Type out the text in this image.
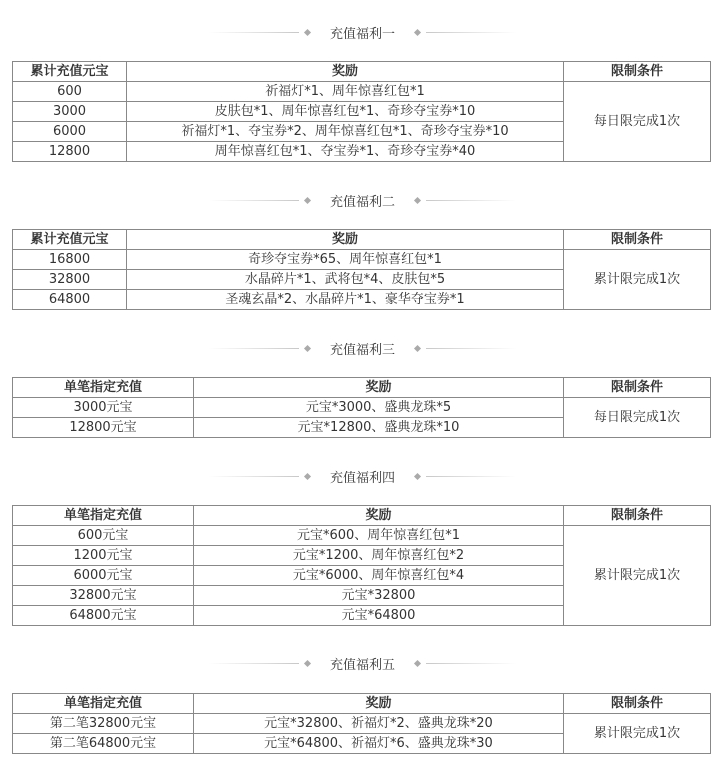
充值福利一
累计充值元宝	奖励	限制条件
600	祈福灯*1、周年惊喜红包*1	每日限完成1次
3000	皮肤包*1、周年惊喜红包*1、奇珍夺宝券*10	
6000	祈福灯*1、夺宝券*2、周年惊喜红包*1、奇珍夺宝券*10	
12800	周年惊喜红包*1、夺宝券*1、奇珍夺宝券*40	
充值福利二
累计充值元宝	奖励	限制条件
16800	奇珍夺宝券*65、周年惊喜红包*1	累计限完成1次
32800	水晶碎片*1、武将包*4、皮肤包*5	
64800	圣魂玄晶*2、水晶碎片*1、豪华夺宝券*1	
充值福利三
单笔指定充值	奖励	限制条件
3000元宝	元宝*3000、盛典龙珠*5	每日限完成1次
12800元宝	元宝*12800、盛典龙珠*10	
充值福利四
单笔指定充值	奖励	限制条件
600元宝	元宝*600、周年惊喜红包*1	累计限完成1次
1200元宝	元宝*1200、周年惊喜红包*2	
6000元宝	元宝*6000、周年惊喜红包*4	
32800元宝	元宝*32800	
64800元宝	元宝*64800	
充值福利五
单笔指定充值	奖励	限制条件
第二笔32800元宝	元宝*32800、祈福灯*2、盛典龙珠*20	累计限完成1次
第二笔64800元宝	元宝*64800、祈福灯*6、盛典龙珠*30	
